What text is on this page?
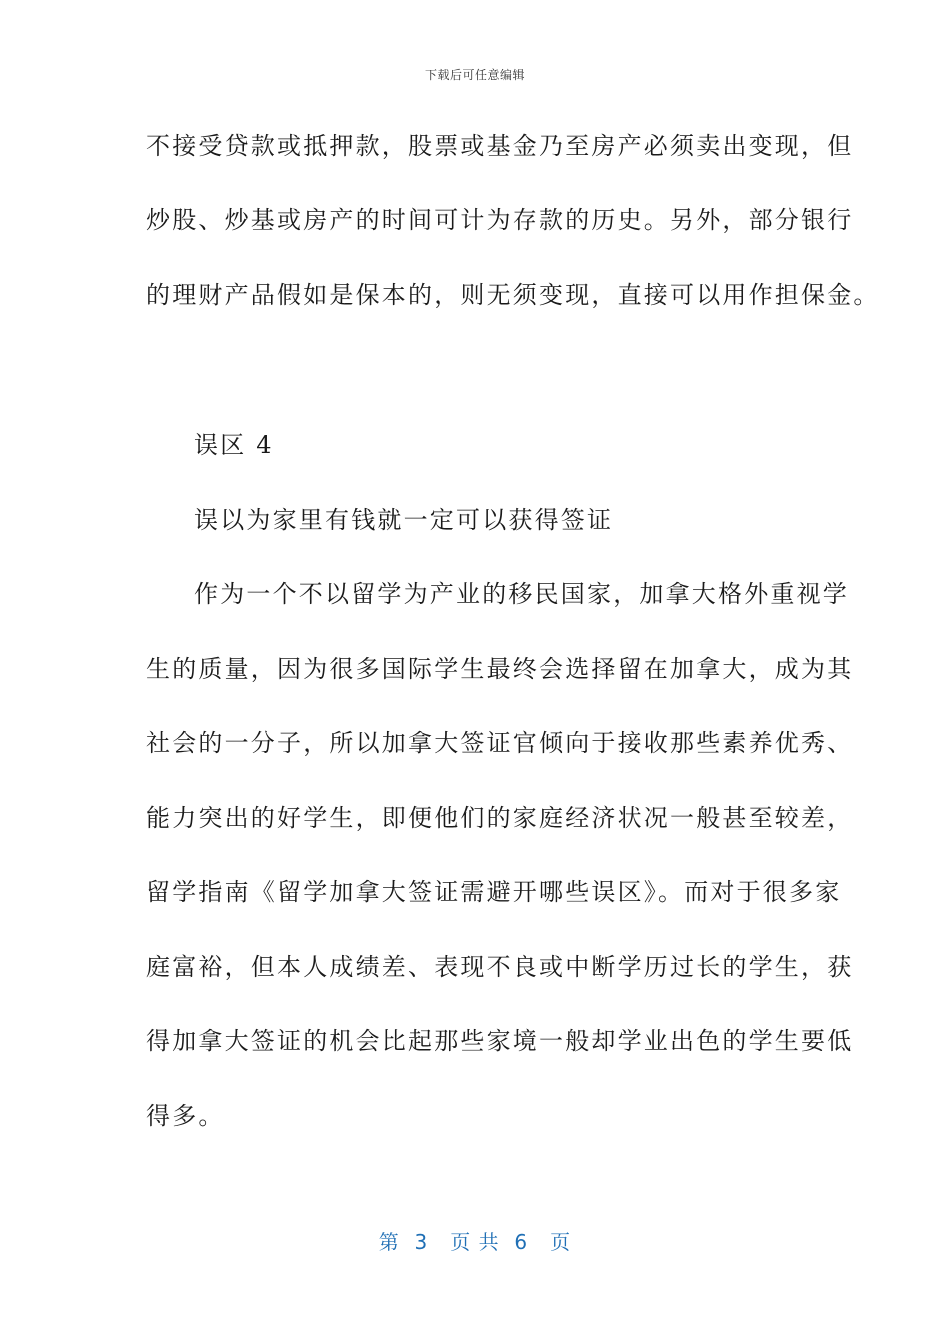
下载后可任意编辑
不接受贷款或抵押款，股票或基金乃至房产必须卖出变现，但
炒股、炒基或房产的时间可计为存款的历史。另外，部分银行
的理财产品假如是保本的，则无须变现，直接可以用作担保金。
误区 4
误以为家里有钱就一定可以获得签证
作为一个不以留学为产业的移民国家，加拿大格外重视学
生的质量，因为很多国际学生最终会选择留在加拿大，成为其
社会的一分子，所以加拿大签证官倾向于接收那些素养优秀、
能力突出的好学生，即便他们的家庭经济状况一般甚至较差，
留学指南《留学加拿大签证需避开哪些误区》。而对于很多家
庭富裕，但本人成绩差、表现不良或中断学历过长的学生，获
得加拿大签证的机会比起那些家境一般却学业出色的学生要低
得多。
第  3   页 共  6   页
